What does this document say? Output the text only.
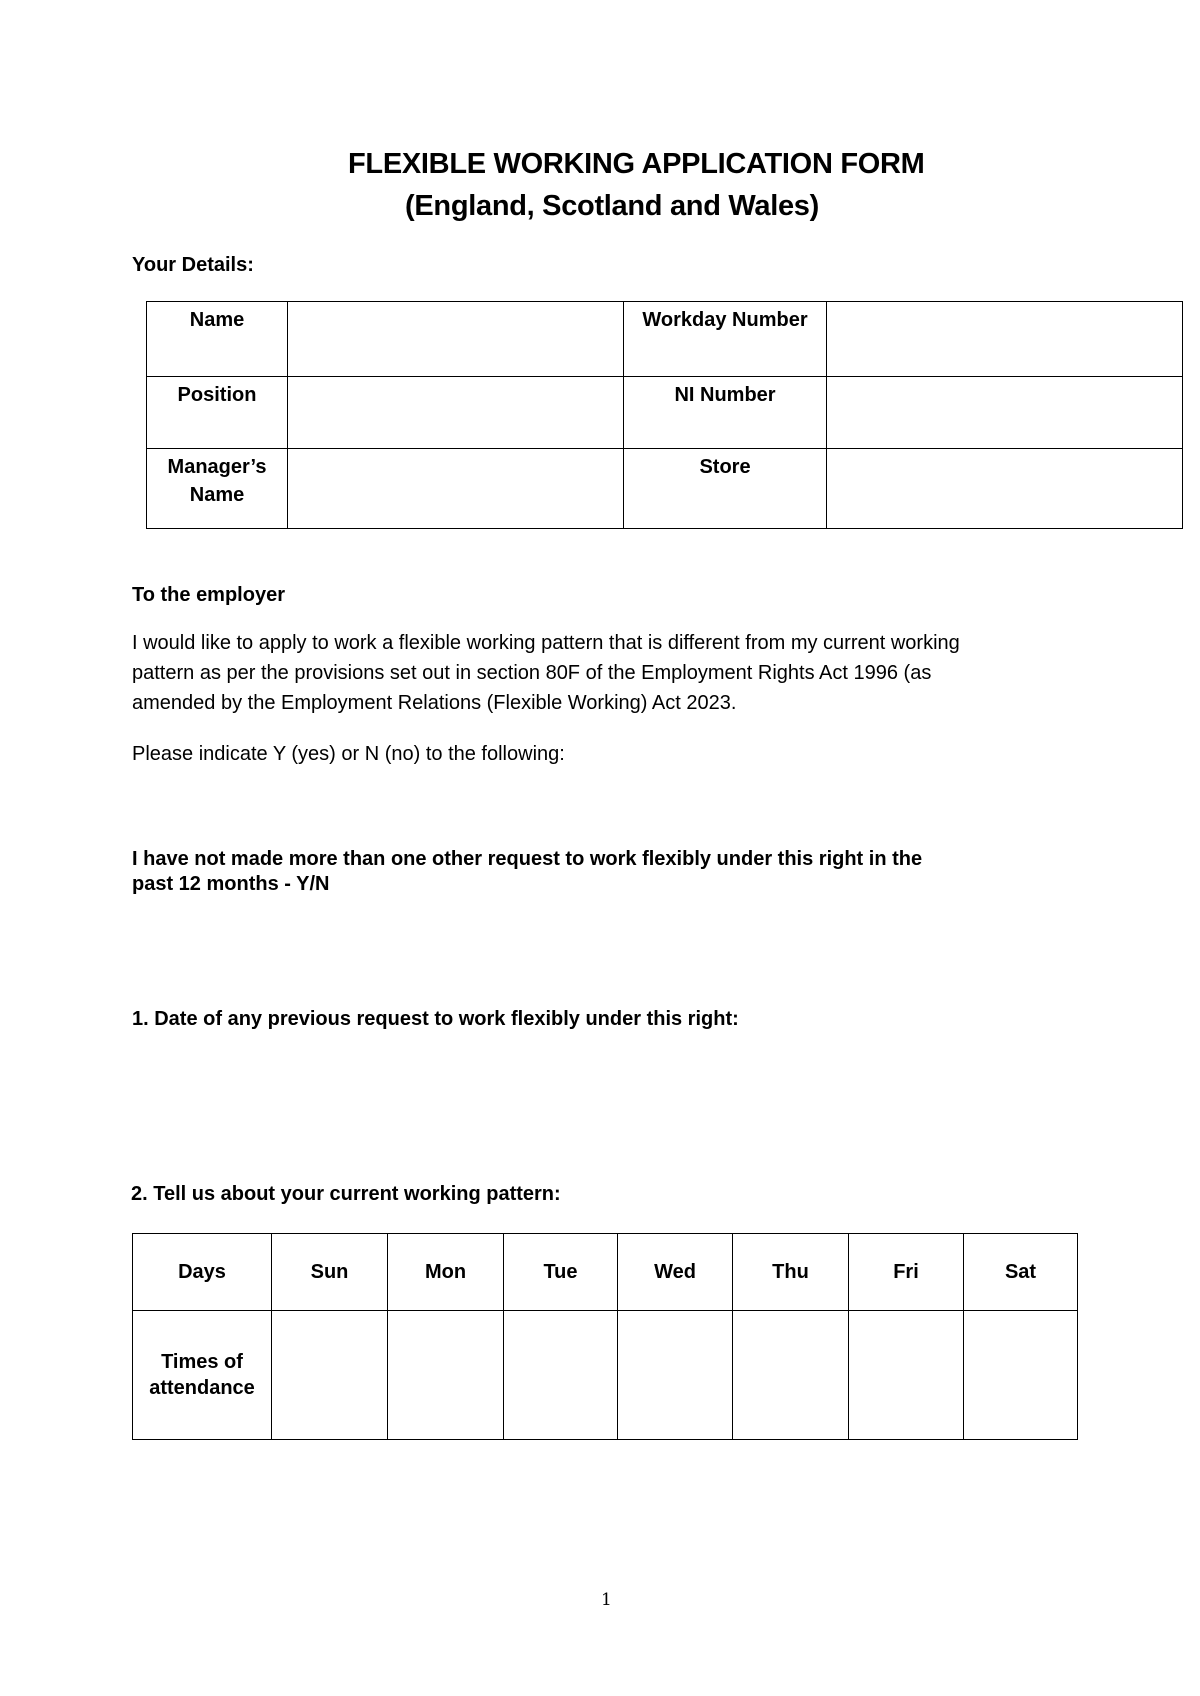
FLEXIBLE WORKING APPLICATION FORM
(England, Scotland and Wales)
Your Details:
Name		Workday Number	
Position		NI Number	
Manager’s Name		Store	
To the employer
I would like to apply to work a flexible working pattern that is different from my current working
pattern as per the provisions set out in section 80F of the Employment Rights Act 1996 (as
amended by the Employment Relations (Flexible Working) Act 2023.
Please indicate Y (yes) or N (no) to the following:
I have not made more than one other request to work flexibly under this right in the
past 12 months - Y/N
1. Date of any previous request to work flexibly under this right:
2. Tell us about your current working pattern:
Days	Sun	Mon	Tue	Wed	Thu	Fri	Sat
Times of attendance							
1
